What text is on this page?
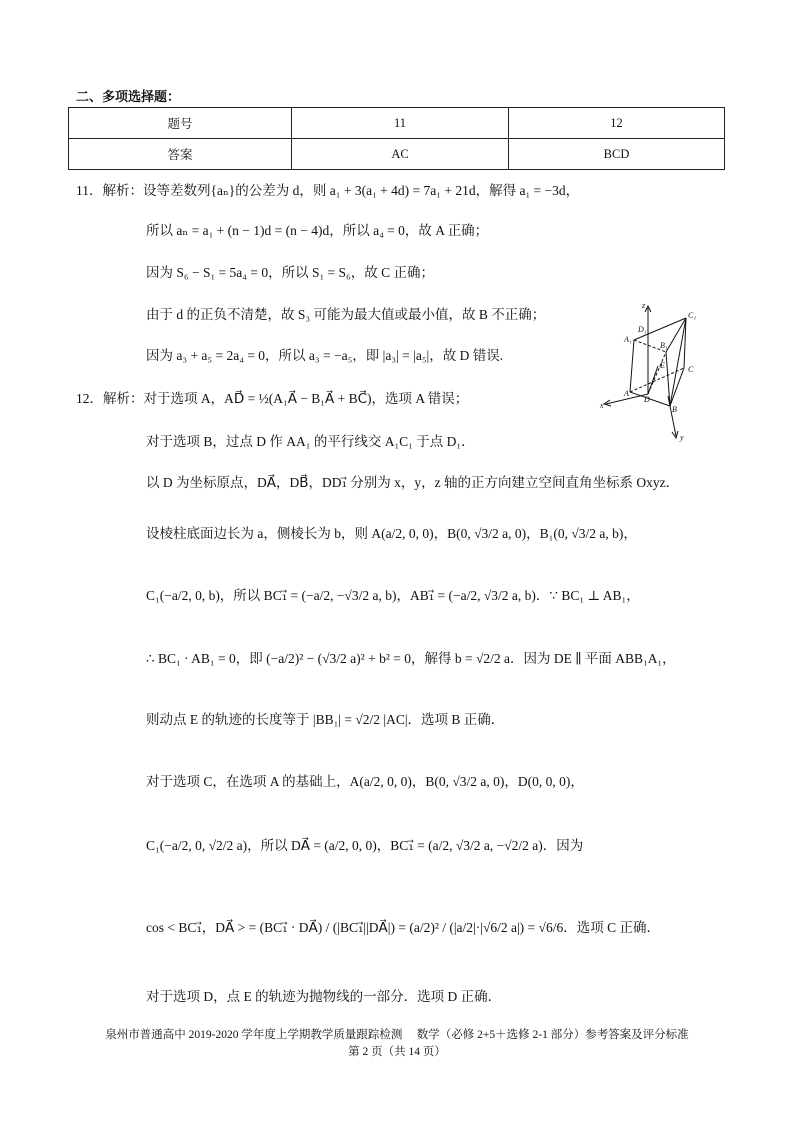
二、多项选择题：
题号	11	12
答案	AC	BCD
11．解析：设等差数列{aₙ}的公差为 d，则 a₁ + 3(a₁ + 4d) = 7a₁ + 21d，解得 a₁ = −3d，
所以 aₙ = a₁ + (n − 1)d = (n − 4)d，所以 a₄ = 0，故 A 正确；
因为 S₆ − S₁ = 5a₄ = 0，所以 S₁ = S₆，故 C 正确；
由于 d 的正负不清楚，故 S₃ 可能为最大值或最小值，故 B 不正确；
因为 a₃ + a₅ = 2a₄ = 0，所以 a₃ = −a₅，即 |a₃| = |a₅|，故 D 错误.
12．解析：对于选项 A，AD⃗ = ½(A₁A⃗ − B₁A⃗ + BC⃗)，选项 A 错误；
对于选项 B，过点 D 作 AA₁ 的平行线交 A₁C₁ 于点 D₁．
以 D 为坐标原点，DA⃗，DB⃗，DD₁⃗ 分别为 x，y，z 轴的正方向建立空间直角坐标系 Oxyz．
设棱柱底面边长为 a，侧棱长为 b，则 A(a/2, 0, 0)，B(0, √3/2 a, 0)，B₁(0, √3/2 a, b)，
C₁(−a/2, 0, b)，所以 BC₁⃗ = (−a/2, −√3/2 a, b)，AB₁⃗ = (−a/2, √3/2 a, b)．∵ BC₁ ⊥ AB₁，
∴ BC₁ · AB₁ = 0，即 (−a/2)² − (√3/2 a)² + b² = 0，解得 b = √2/2 a．因为 DE ∥ 平面 ABB₁A₁，
则动点 E 的轨迹的长度等于 |BB₁| = √2/2 |AC|．选项 B 正确．
对于选项 C，在选项 A 的基础上，A(a/2, 0, 0)，B(0, √3/2 a, 0)，D(0, 0, 0)，
C₁(−a/2, 0, √2/2 a)，所以 DA⃗ = (a/2, 0, 0)，BC₁⃗ = (a/2, √3/2 a, −√2/2 a)．因为
cos < BC₁⃗，DA⃗ > = (BC₁⃗ · DA⃗) / (|BC₁⃗||DA⃗|) = (a/2)² / (|a/2|·|√6/2 a|) = √6/6．选项 C 正确．
对于选项 D，点 E 的轨迹为抛物线的一部分．选项 D 正确．
z
D₁
C₁
A₁
B₁
E
D
C
A
B
x
y
泉州市普通高中 2019-2020 学年度上学期教学质量跟踪检测　 数学（必修 2+5＋选修 2-1 部分）参考答案及评分标准
第 2 页（共 14 页）
